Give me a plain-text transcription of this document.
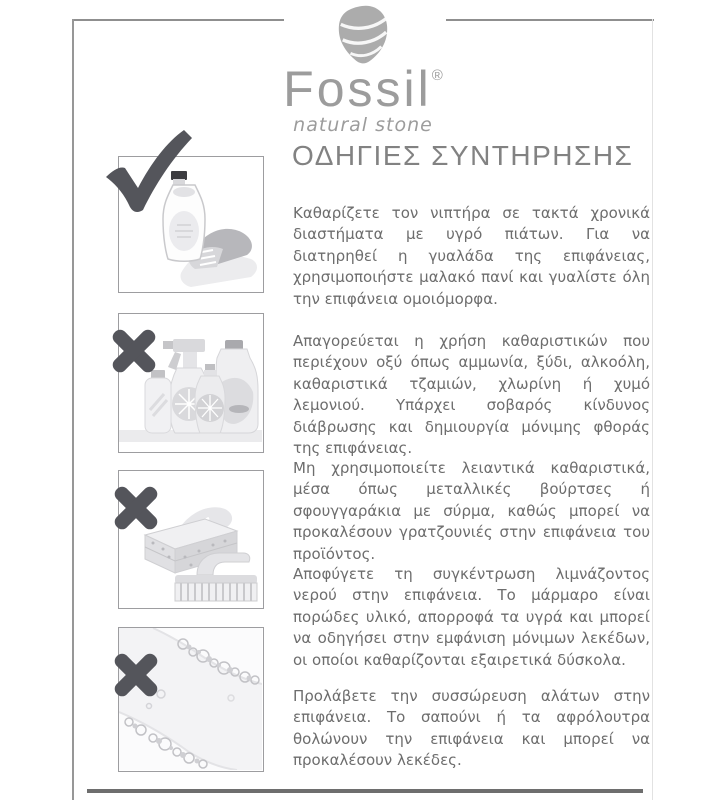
Fossil®
natural stone
ΟΔΗΓΙΕΣ ΣΥΝΤΗΡΗΣΗΣ

Καθαρίζετε τον νιπτήρα σε τακτά χρονικά διαστήματα με υγρό πιάτων. Για να διατηρηθεί η γυαλάδα της επιφάνειας, χρησιμοποιήστε μαλακό πανί και γυαλίστε όλη την επιφάνεια ομοιόμορφα.

Απαγορεύεται η χρήση καθαριστικών που περιέχουν οξύ όπως αμμωνία, ξύδι, αλκοόλη, καθαριστικά τζαμιών, χλωρίνη ή χυμό λεμονιού. Υπάρχει σοβαρός κίνδυνος διάβρωσης και δημιουργία μόνιμης φθοράς της επιφάνειας.

Μη χρησιμοποιείτε λειαντικά καθαριστικά, μέσα όπως μεταλλικές βούρτσες ή σφουγγαράκια με σύρμα, καθώς μπορεί να προκαλέσουν γρατζουνιές στην επιφάνεια του προϊόντος.

Αποφύγετε τη συγκέντρωση λιμνάζοντος νερού στην επιφάνεια. Το μάρμαρο είναι πορώδες υλικό, απορροφά τα υγρά και μπορεί να οδηγήσει στην εμφάνιση μόνιμων λεκέδων, οι οποίοι καθαρίζονται εξαιρετικά δύσκολα.

Προλάβετε την συσσώρευση αλάτων στην επιφάνεια. Το σαπούνι ή τα αφρόλουτρα θολώνουν την επιφάνεια και μπορεί να προκαλέσουν λεκέδες.
